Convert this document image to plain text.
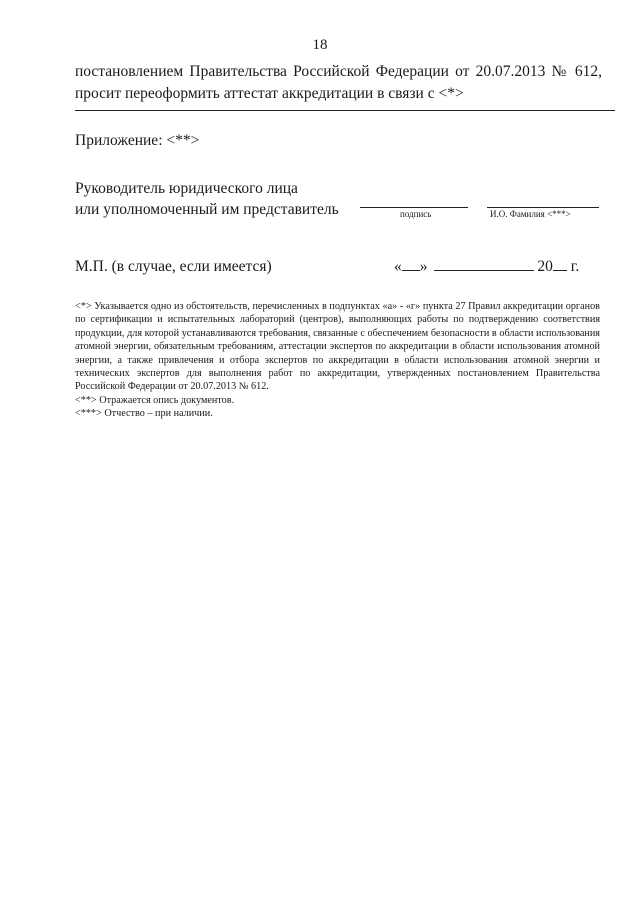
18
постановлением Правительства Российской Федерации от 20.07.2013 № 612,
просит переоформить аттестат аккредитации в связи с <*>
Приложение: <**>
Руководитель юридического лица
или уполномоченный им представитель	подпись	И.О. Фамилия <***>
М.П. (в случае, если имеется)	« »	20 г.

<*> Указывается одно из обстоятельств, перечисленных в подпунктах «а» - «г» пункта 27 Правил аккредитации органов по сертификации и испытательных лабораторий (центров), выполняющих работы по подтверждению соответствия продукции, для которой устанавливаются требования, связанные с обеспечением безопасности в области использования атомной энергии, обязательным требованиям, аттестации экспертов по аккредитации в области использования атомной энергии, а также привлечения и отбора экспертов по аккредитации в области использования атомной энергии и технических экспертов для выполнения работ по аккредитации, утвержденных постановлением Правительства Российской Федерации от 20.07.2013 № 612.

<**> Отражается опись документов.

<***> Отчество – при наличии.
